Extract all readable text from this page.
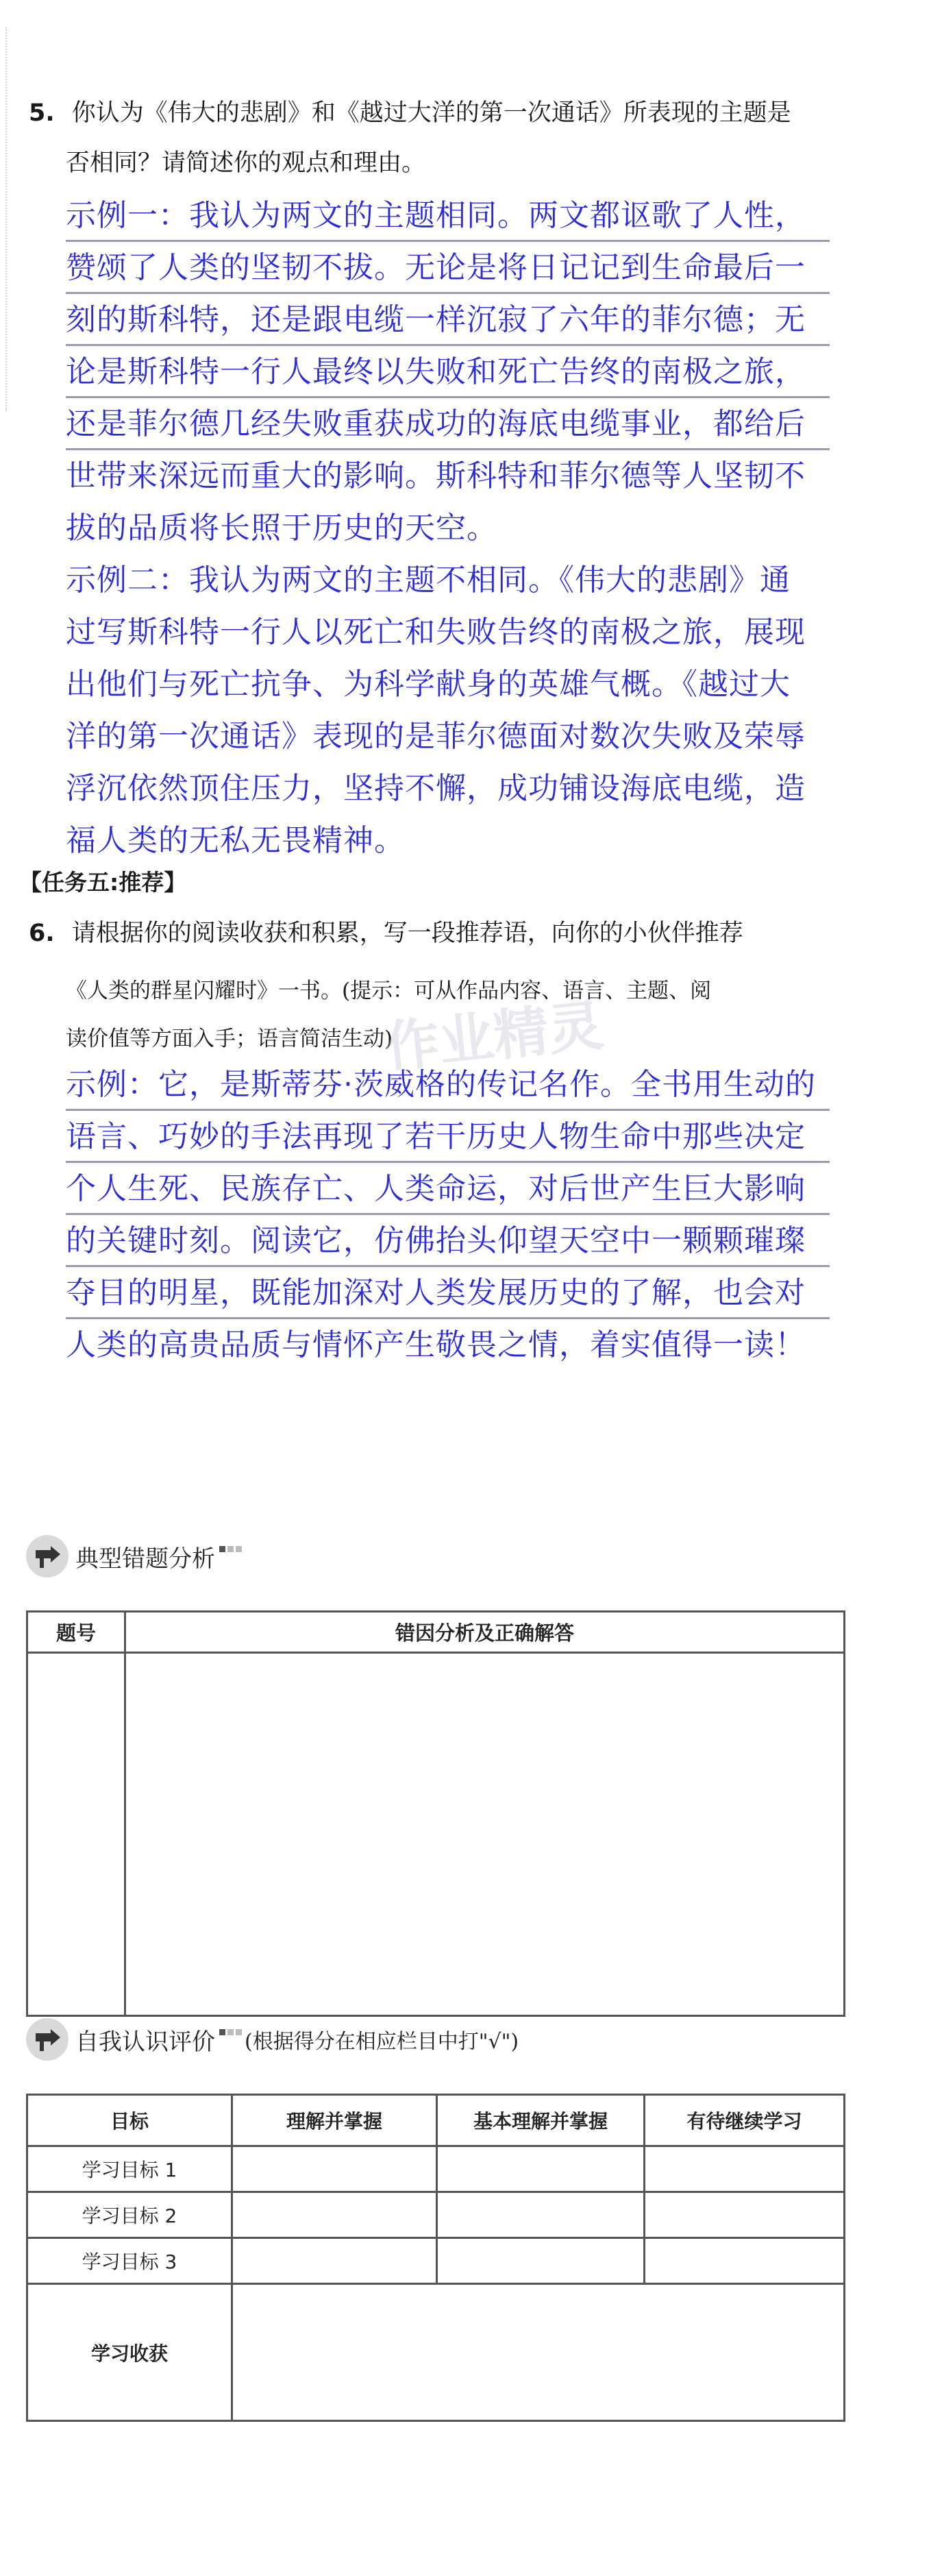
5. 你认为《伟大的悲剧》和《越过大洋的第一次通话》所表现的主题是
否相同？请简述你的观点和理由。
示例一：我认为两文的主题相同。两文都讴歌了人性，
赞颂了人类的坚韧不拔。无论是将日记记到生命最后一
刻的斯科特，还是跟电缆一样沉寂了六年的菲尔德；无
论是斯科特一行人最终以失败和死亡告终的南极之旅，
还是菲尔德几经失败重获成功的海底电缆事业，都给后
世带来深远而重大的影响。斯科特和菲尔德等人坚韧不
拔的品质将长照于历史的天空。
示例二：我认为两文的主题不相同。《伟大的悲剧》通
过写斯科特一行人以死亡和失败告终的南极之旅，展现
出他们与死亡抗争、为科学献身的英雄气概。《越过大
洋的第一次通话》表现的是菲尔德面对数次失败及荣辱
浮沉依然顶住压力，坚持不懈，成功铺设海底电缆，造
福人类的无私无畏精神。
【任务五:推荐】
6. 请根据你的阅读收获和积累，写一段推荐语，向你的小伙伴推荐
《人类的群星闪耀时》一书。(提示：可从作品内容、语言、主题、阅
读价值等方面入手；语言简洁生动)
作业精灵
示例：它，是斯蒂芬·茨威格的传记名作。全书用生动的
语言、巧妙的手法再现了若干历史人物生命中那些决定
个人生死、民族存亡、人类命运，对后世产生巨大影响
的关键时刻。阅读它，仿佛抬头仰望天空中一颗颗璀璨
夺目的明星，既能加深对人类发展历史的了解，也会对
人类的高贵品质与情怀产生敬畏之情，着实值得一读！
典型错题分析
题号	错因分析及正确解答

自我认识评价 (根据得分在相应栏目中打"√")
目标	理解并掌握	基本理解并掌握	有待继续学习
学习目标 1			
学习目标 2			
学习目标 3			
学习收获			
